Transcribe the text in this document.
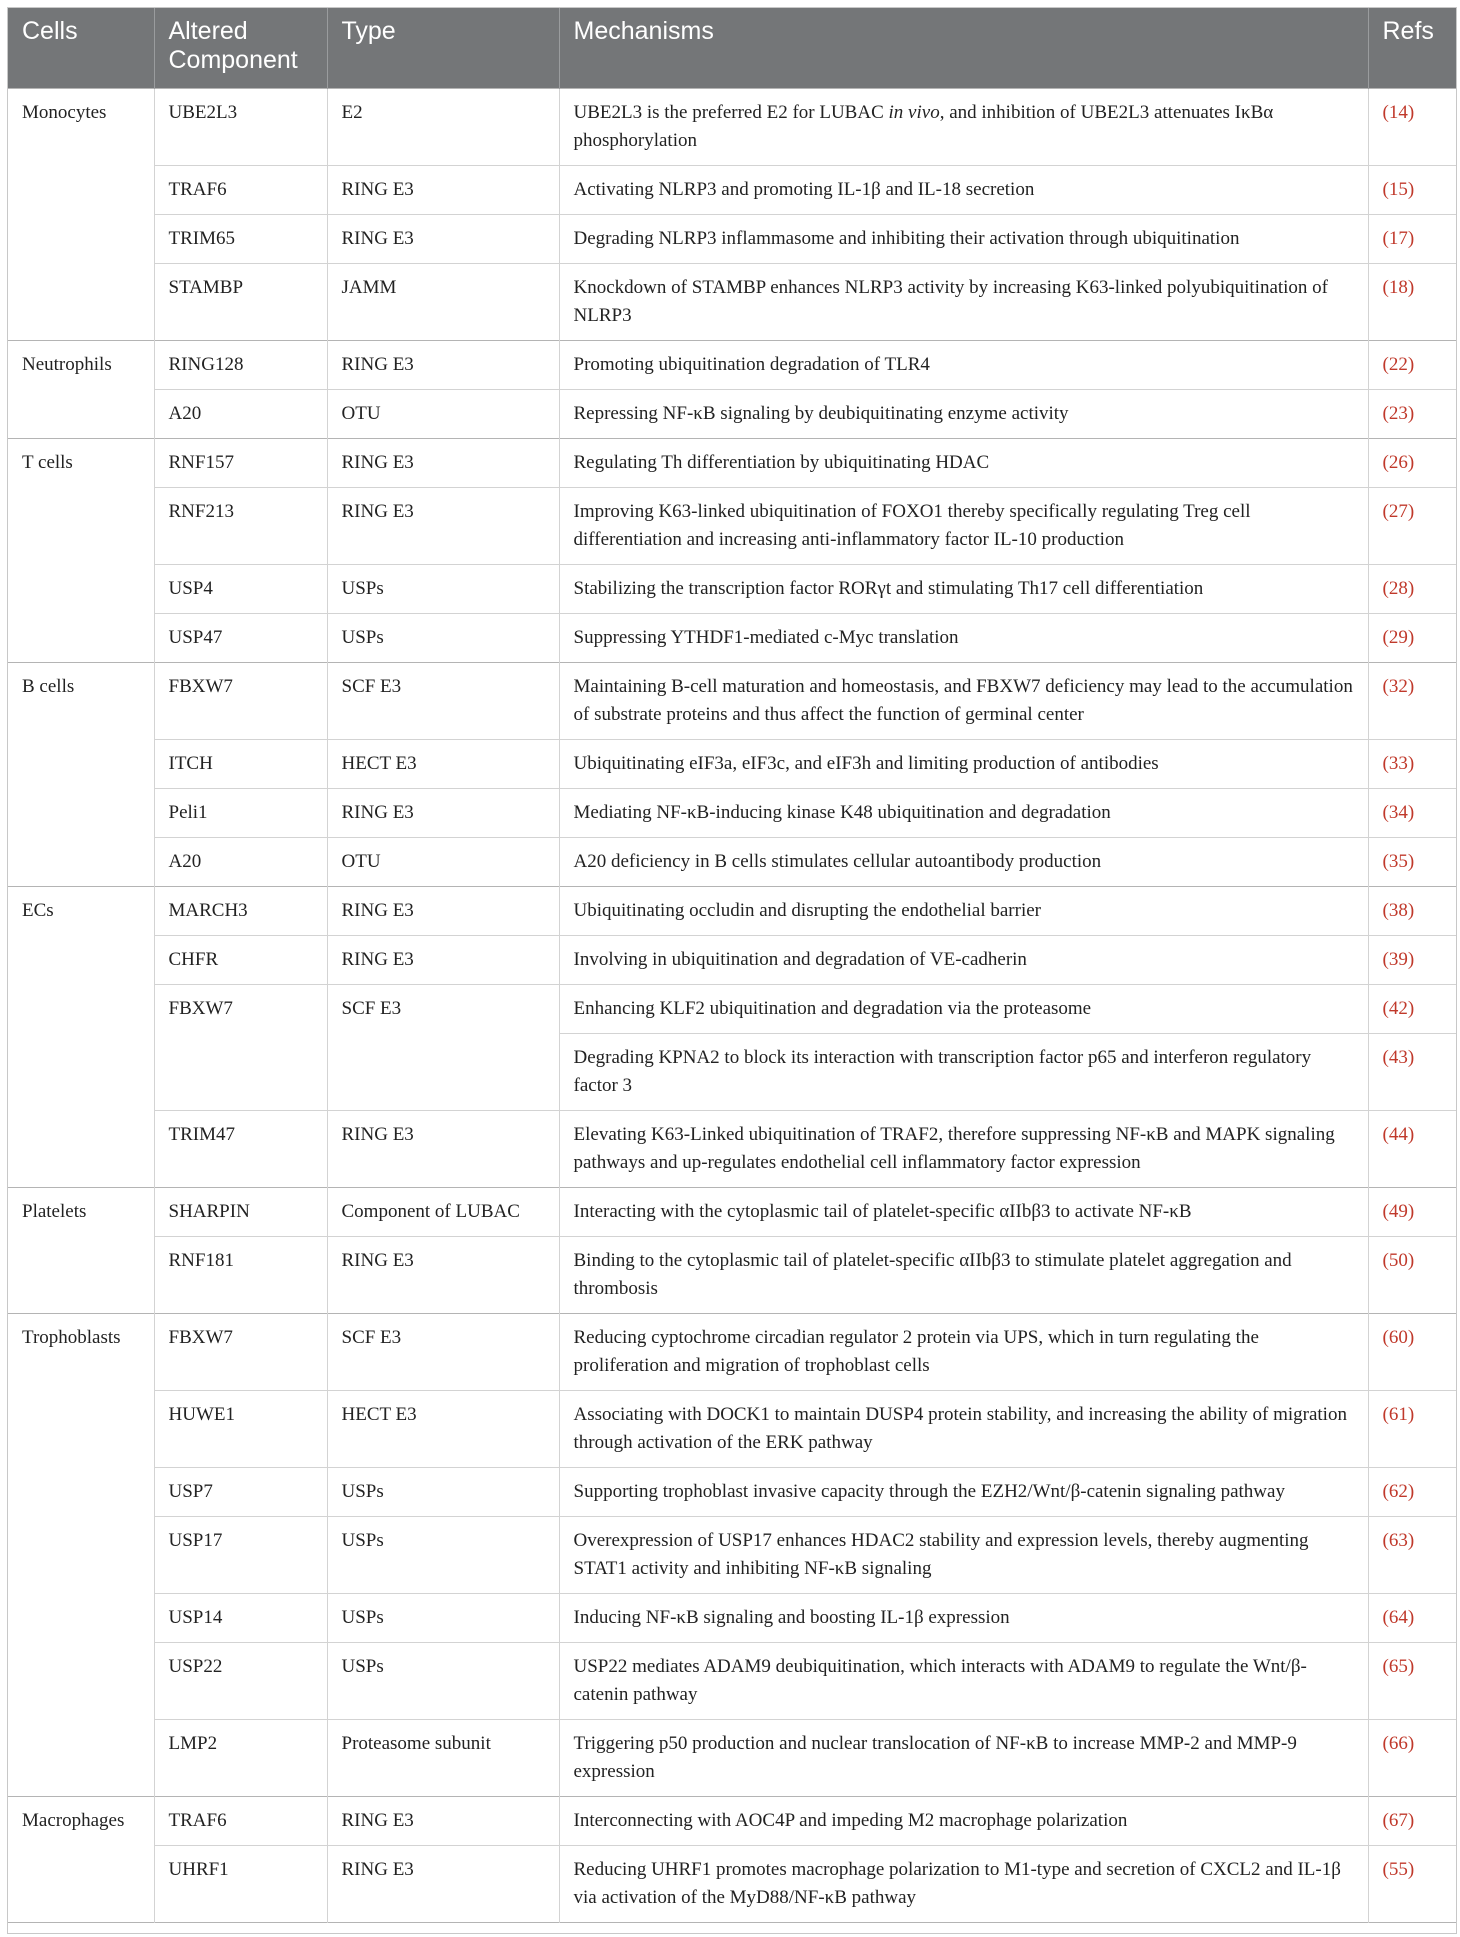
Cells	Altered Component	Type	Mechanisms	Refs
Monocytes	UBE2L3	E2	UBE2L3 is the preferred E2 for LUBAC in vivo, and inhibition of UBE2L3 attenuates IκBα phosphorylation	(14)
	TRAF6	RING E3	Activating NLRP3 and promoting IL-1β and IL-18 secretion	(15)
	TRIM65	RING E3	Degrading NLRP3 inflammasome and inhibiting their activation through ubiquitination	(17)
	STAMBP	JAMM	Knockdown of STAMBP enhances NLRP3 activity by increasing K63-linked polyubiquitination of NLRP3	(18)
Neutrophils	RING128	RING E3	Promoting ubiquitination degradation of TLR4	(22)
	A20	OTU	Repressing NF-κB signaling by deubiquitinating enzyme activity	(23)
T cells	RNF157	RING E3	Regulating Th differentiation by ubiquitinating HDAC	(26)
	RNF213	RING E3	Improving K63-linked ubiquitination of FOXO1 thereby specifically regulating Treg cell differentiation and increasing anti-inflammatory factor IL-10 production	(27)
	USP4	USPs	Stabilizing the transcription factor RORγt and stimulating Th17 cell differentiation	(28)
	USP47	USPs	Suppressing YTHDF1-mediated c-Myc translation	(29)
B cells	FBXW7	SCF E3	Maintaining B-cell maturation and homeostasis, and FBXW7 deficiency may lead to the accumulation of substrate proteins and thus affect the function of germinal center	(32)
	ITCH	HECT E3	Ubiquitinating eIF3a, eIF3c, and eIF3h and limiting production of antibodies	(33)
	Peli1	RING E3	Mediating NF-κB-inducing kinase K48 ubiquitination and degradation	(34)
	A20	OTU	A20 deficiency in B cells stimulates cellular autoantibody production	(35)
ECs	MARCH3	RING E3	Ubiquitinating occludin and disrupting the endothelial barrier	(38)
	CHFR	RING E3	Involving in ubiquitination and degradation of VE-cadherin	(39)
	FBXW7	SCF E3	Enhancing KLF2 ubiquitination and degradation via the proteasome	(42)
			Degrading KPNA2 to block its interaction with transcription factor p65 and interferon regulatory factor 3	(43)
	TRIM47	RING E3	Elevating K63-Linked ubiquitination of TRAF2, therefore suppressing NF-κB and MAPK signaling pathways and up-regulates endothelial cell inflammatory factor expression	(44)
Platelets	SHARPIN	Component of LUBAC	Interacting with the cytoplasmic tail of platelet-specific αIIbβ3 to activate NF-κB	(49)
	RNF181	RING E3	Binding to the cytoplasmic tail of platelet-specific αIIbβ3 to stimulate platelet aggregation and thrombosis	(50)
Trophoblasts	FBXW7	SCF E3	Reducing cyptochrome circadian regulator 2 protein via UPS, which in turn regulating the proliferation and migration of trophoblast cells	(60)
	HUWE1	HECT E3	Associating with DOCK1 to maintain DUSP4 protein stability, and increasing the ability of migration through activation of the ERK pathway	(61)
	USP7	USPs	Supporting trophoblast invasive capacity through the EZH2/Wnt/β-catenin signaling pathway	(62)
	USP17	USPs	Overexpression of USP17 enhances HDAC2 stability and expression levels, thereby augmenting STAT1 activity and inhibiting NF-κB signaling	(63)
	USP14	USPs	Inducing NF-κB signaling and boosting IL-1β expression	(64)
	USP22	USPs	USP22 mediates ADAM9 deubiquitination, which interacts with ADAM9 to regulate the Wnt/β-catenin pathway	(65)
	LMP2	Proteasome subunit	Triggering p50 production and nuclear translocation of NF-κB to increase MMP-2 and MMP-9 expression	(66)
Macrophages	TRAF6	RING E3	Interconnecting with AOC4P and impeding M2 macrophage polarization	(67)
	UHRF1	RING E3	Reducing UHRF1 promotes macrophage polarization to M1-type and secretion of CXCL2 and IL-1β via activation of the MyD88/NF-κB pathway	(55)
